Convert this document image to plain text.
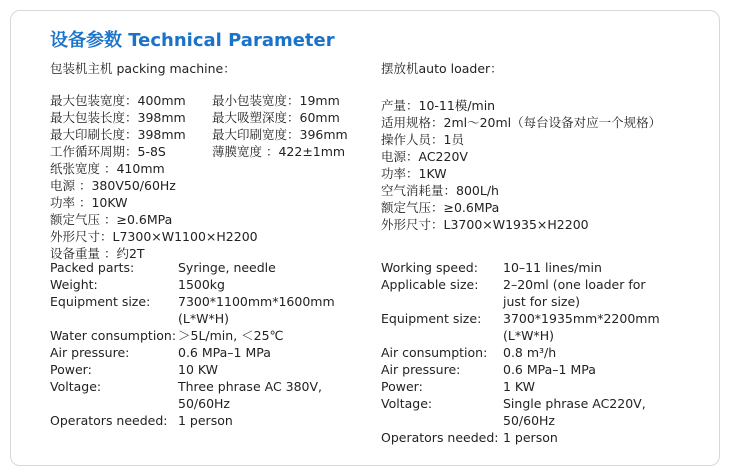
设备参数 Technical Parameter
包装机主机 packing machine：
最大包装宽度：400mm 最小包装宽度：19mm
最大包装长度：398mm 最大吸塑深度：60mm
最大印刷长度：398mm 最大印刷宽度：396mm
工作循环周期：5-8S	薄膜宽度 ：422±1mm
纸张宽度 ：410mm
电源 ：380V50/60Hz
功率 ：10KW
额定气压 ：≥0.6MPa
外形尺寸：L7300×W1100×H2200
设备重量 ：约2T
Packed parts:	Syringe, needle
Weight:	1500kg
Equipment size:	7300*1100mm*1600mm (L*W*H)
Water consumption: ＞5L/min, ＜25℃
Air pressure:	0.6 MPa–1 MPa
Power:	10 KW
Voltage:	Three phrase AC 380V, 50/60Hz
Operators needed: 1 person
摆放机auto loader：
产量：10-11模/min
适用规格：2ml～20ml（每台设备对应一个规格）
操作人员：1员
电源：AC220V
功率：1KW
空气消耗量：800L/h
额定气压：≥0.6MPa
外形尺寸：L3700×W1935×H2200
Working speed:	10–11 lines/min
Applicable size:	2–20ml (one loader for just for size)
Equipment size:	3700*1935mm*2200mm (L*W*H)
Air consumption:	0.8 m³/h
Air pressure:	0.6 MPa–1 MPa
Power:	1 KW
Voltage:	Single phrase AC220V, 50/60Hz
Operators needed: 1 person
